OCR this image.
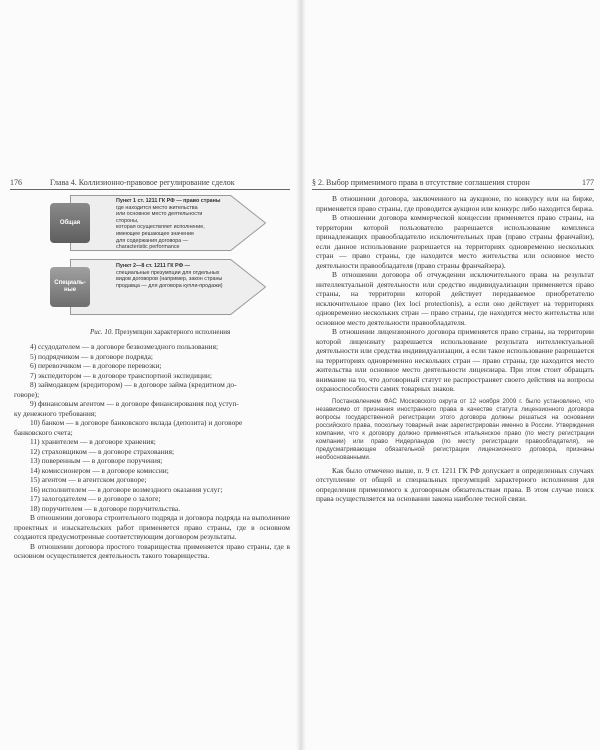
176	Глава 4. Коллизионно-правовое регулирование сделок	§ 2. Выбор применимого права в отсутствие соглашения сторон	177
Общая
Специаль-
ные
Пункт 1 ст. 1211 ГК РФ — право страны
где находится место жительства
или основное место деятельности стороны,
которая осуществляет исполнение,
имеющее решающее значение
для содержания договора —
characteristic performance
Пункт 2—8 ст. 1211 ГК РФ —
специальные презумпции для отдельных
видов договоров (например, закон страны
продавца — для договора купли-продажи)
Рис. 10. Презумпции характерного исполнения

4) ссудодателем — в договоре безвозмездного пользования;

5) подрядчиком — в договоре подряда;

6) перевозчиком — в договоре перевозки;

7) экспедитором — в договоре транспортной экспедиции;

8) займодавцем (кредитором) — в договоре займа (кредитном до-

говоре);

9) финансовым агентом — в договоре финансирования под уступ-

ку денежного требования;

10) банком — в договоре банковского вклада (депозита) и договоре

банковского счета;

11) хранителем — в договоре хранения;

12) страховщиком — в договоре страхования;

13) поверенным — в договоре поручения;

14) комиссионером — в договоре комиссии;

15) агентом — в агентском договоре;

16) исполнителем — в договоре возмездного оказания услуг;

17) залогодателем — в договоре о залоге;

18) поручителем — в договоре поручительства.

В отношении договора строительного подряда и договора подряда на выполнение проектных и изыскательских работ применяется право страны, где в основном создаются предусмотренные соответствующим договором результаты.

В отношении договора простого товарищества применяется право страны, где в основном осуществляется деятельность такого товарищества.

В отношении договора, заключенного на аукционе, по конкурсу или на бирже, применяется право страны, где проводится аукцион или конкурс либо находится биржа.

В отношении договора коммерческой концессии применяется право страны, на территории которой пользователю разрешается использование комплекса принадлежащих правообладателю исключительных прав (право страны франчайзи), если данное использование разрешается на территориях одновременно нескольких стран — право страны, где находится место жительства или основное место деятельности правообладателя (право страны франчайзера).

В отношении договора об отчуждении исключительного права на результат интеллектуальной деятельности или средство индивидуализации применяется право страны, на территории которой действует передаваемое приобретателю исключительное право (lex loci protectionis), а если оно действует на территориях одновременно нескольких стран — право страны, где находится место жительства или основное место деятельности правообладателя.

В отношении лицензионного договора применяется право страны, на территории которой лицензиату разрешается использование результата интеллектуальной деятельности или средства индивидуализации, а если такое использование разрешается на территориях одновременно нескольких стран — право страны, где находится место жительства или основное место деятельности лицензиара. При этом стоит обращать внимание на то, что договорный статут не распространяет своего действия на вопросы охраноспособности самих товарных знаков.

Постановлением ФАС Московского округа от 12 ноября 2009 г. было установлено, что независимо от признания иностранного права в качестве статута лицензионного договора вопросы государственной регистрации этого договора должны решаться на основании российского права, поскольку товарный знак зарегистрирован именно в России. Утверждения компании, что к договору должно применяться итальянское право (по месту регистрации компании) или право Нидерландов (по месту регистрации правообладателя), не предусматривающее обязательной регистрации лицензионного договора, признаны необоснованными.

Как было отмечено выше, п. 9 ст. 1211 ГК РФ допускает в определенных случаях отступление от общей и специальных презумпций характерного исполнения для определения применимого к договорным обязательствам права. В этом случае поиск права осуществляется на основании закона наиболее тесной связи.
